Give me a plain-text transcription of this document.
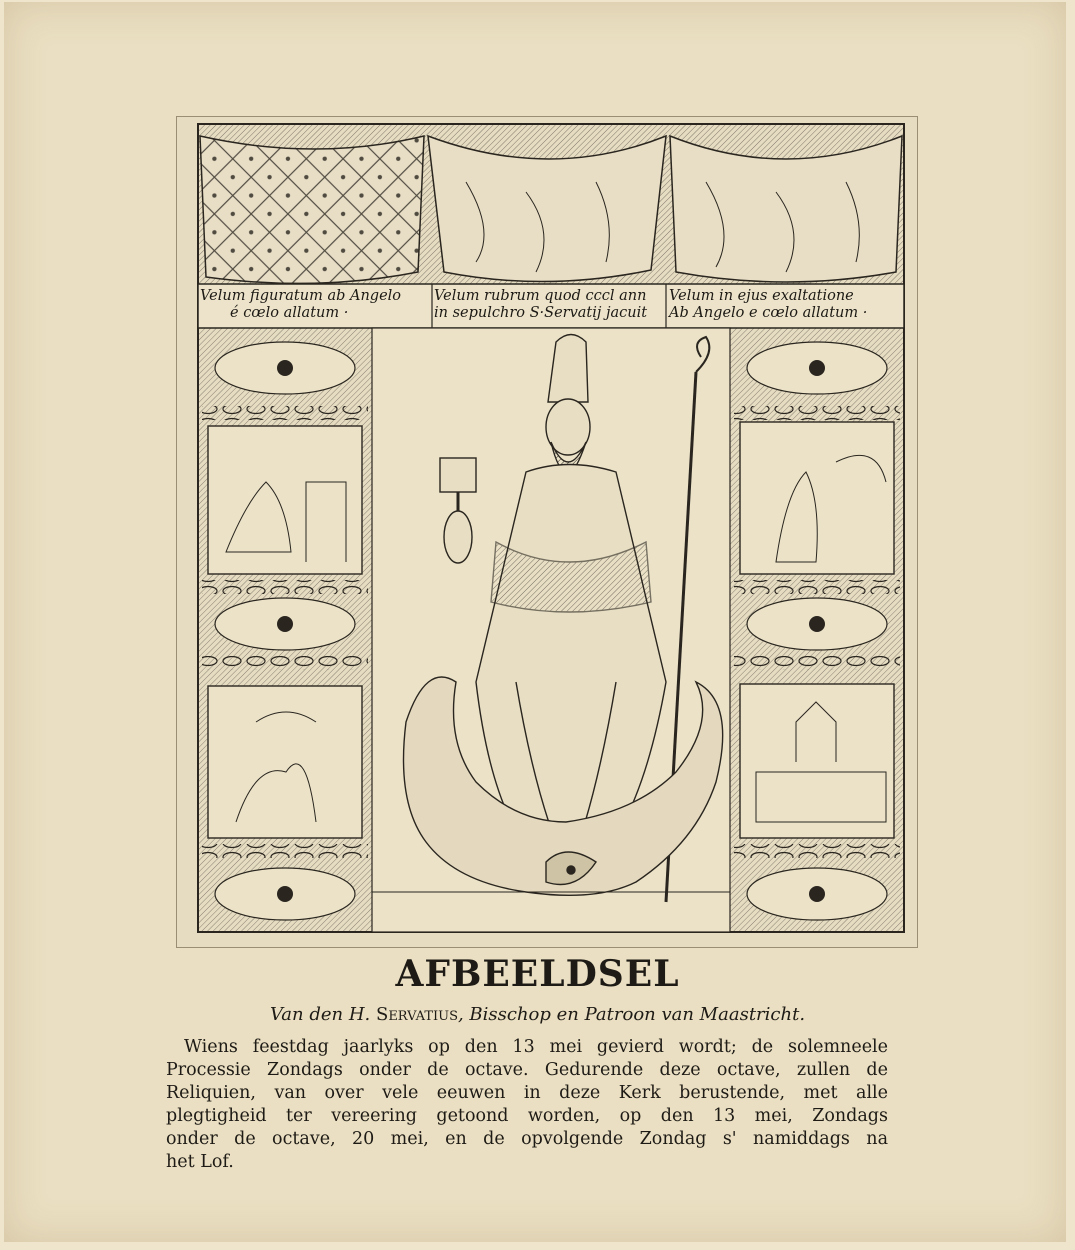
Velum figuratum ab Angelo
é cœlo allatum ·
Velum rubrum quod cccl ann
in sepulchro S·Servatij jacuit
Velum in ejus exaltatione
Ab Angelo e cœlo allatum ·
AFBEELDSEL
Van den H. Servatius, Bisschop en Patroon van Maastricht.
Wiens feestdag jaarlyks op den 13 mei gevierd wordt; de solemneele
Processie Zondags onder de octave. Gedurende deze octave, zullen de
Reliquien, van over vele eeuwen in deze Kerk berustende, met alle
plegtigheid ter vereering getoond worden, op den 13 mei, Zondags
onder de octave, 20 mei, en de opvolgende Zondag s' namiddags na
het Lof.
